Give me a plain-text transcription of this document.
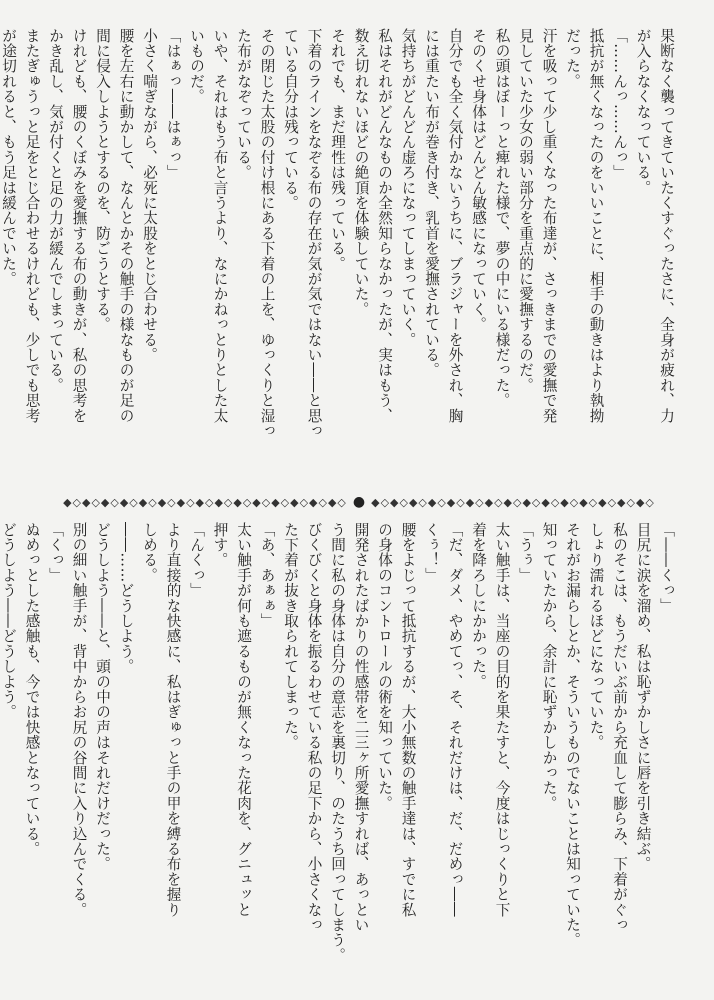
果断なく襲ってきていたくすぐったさに、全身が疲れ、力

が入らなくなっている。

「……んっ……んっ」

抵抗が無くなったのをいいことに、相手の動きはより執拗

だった。

汗を吸って少し重くなった布達が、さっきまでの愛撫で発

見していた少女の弱い部分を重点的に愛撫するのだ。

私の頭はぼーっと痺れた様で、夢の中にいる様だった。

そのくせ身体はどんどん敏感になっていく。

自分でも全く気付かないうちに、ブラジャーを外され、胸

には重たい布が巻き付き、乳首を愛撫されている。

気持ちがどんどん虚ろになってしまっていく。

私はそれがどんなものか全然知らなかったが、実はもう、

数え切れないほどの絶頂を体験していた。

それでも、まだ理性は残っている。

下着のラインをなぞる布の存在が気が気ではない――と思っ

ている自分は残っている。

その閉じた太股の付け根にある下着の上を、ゆっくりと湿っ

た布がなぞっている。

いや、それはもう布と言うより、なにかねっとりとした太

いものだ。

「はぁっ――はぁっ」

小さく喘ぎながら、必死に太股をとじ合わせる。

腰を左右に動かして、なんとかその触手の様なものが足の

間に侵入しようとするのを、防ごうとする。

けれども、腰のくぼみを愛撫する布の動きが、私の思考を

かき乱し、気が付くと足の力が緩んでしまっている。

またぎゅうっと足をとじ合わせるけれども、少しでも思考

が途切れると、もう足は緩んでいた。

◆◇◆◇◆◇◆◇◆◇◆◇◆◇◆◇◆◇◆◇◆◇◆◇◆◇◆◇◆◇ ● ◆◇◆◇◆◇◆◇◆◇◆◇◆◇◆◇◆◇◆◇◆◇◆◇◆◇◆◇◆◇

「――くっ」

目尻に涙を溜め、私は恥ずかしさに唇を引き結ぶ。

私のそこは、もうだいぶ前から充血して膨らみ、下着がぐっ

しょり濡れるほどになっていた。

それがお漏らしとか、そういうものでないことは知っていた。

知っていたから、余計に恥ずかしかった。

「うぅ」

太い触手は、当座の目的を果たすと、今度はじっくりと下

着を降ろしにかかった。

「だ、ダメ、やめてっ、そ、それだけは、だ、だめっ――

くぅ！」

腰をよじって抵抗するが、大小無数の触手達は、すでに私

の身体のコントロールの術を知っていた。

開発されたばかりの性感帯を二三ヶ所愛撫すれば、あっとい

う間に私の身体は自分の意志を裏切り、のたうち回ってしまう。

びくびくと身体を振るわせている私の足下から、小さくなっ

た下着が抜き取られてしまった。

「あ、あぁぁ」

太い触手が何も遮るものが無くなった花肉を、グニュッと

押す。

「んくっ」

より直接的な快感に、私はぎゅっと手の甲を縛る布を握り

しめる。

――……どうしよう。

どうしよう――と、頭の中の声はそれだけだった。

別の細い触手が、背中からお尻の谷間に入り込んでくる。

「くっ」

ぬめっとした感触も、今では快感となっている。

どうしよう――どうしよう。
